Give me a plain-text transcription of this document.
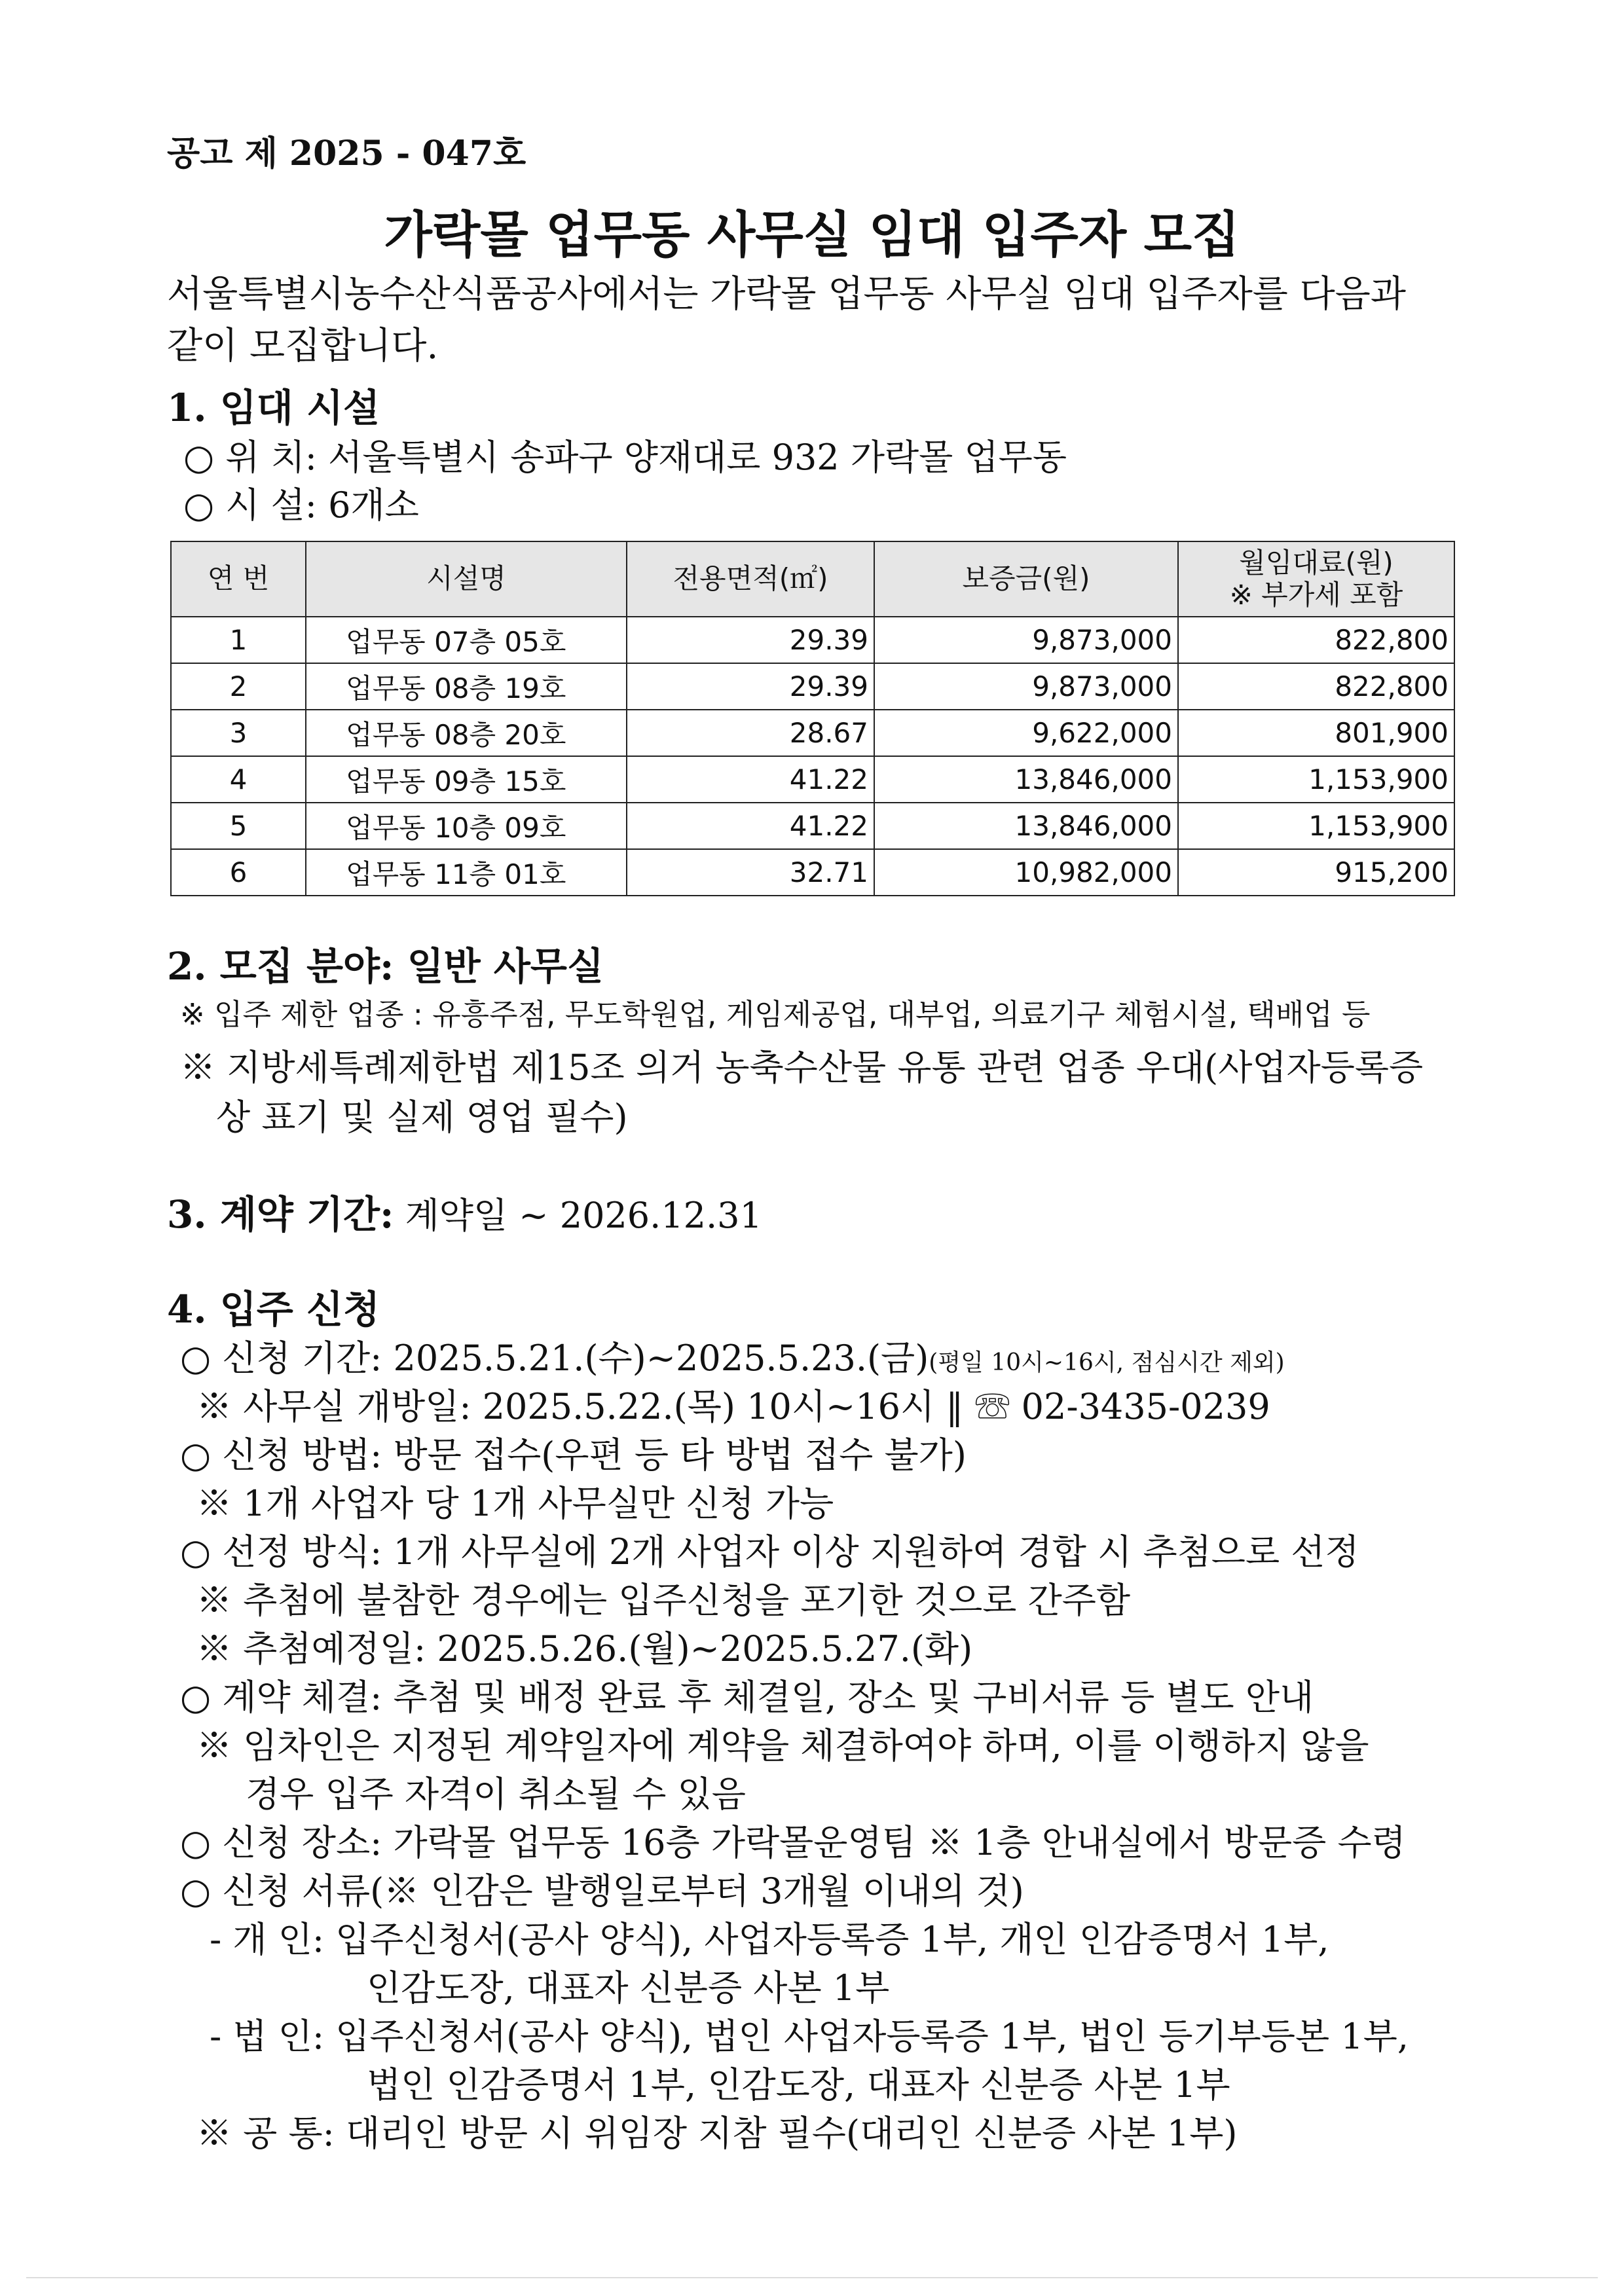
공고 제 2025 - 047호
가락몰 업무동 사무실 임대 입주자 모집
서울특별시농수산식품공사에서는 가락몰 업무동 사무실 임대 입주자를 다음과
같이 모집합니다.
1. 임대 시설
○ 위 치: 서울특별시 송파구 양재대로 932 가락몰 업무동
○ 시 설: 6개소
연 번	시설명	전용면적(㎡)	보증금(원)	월임대료(원)
※ 부가세 포함

1	업무동 07층 05호	29.39	9,873,000	822,800
2	업무동 08층 19호	29.39	9,873,000	822,800
3	업무동 08층 20호	28.67	9,622,000	801,900
4	업무동 09층 15호	41.22	13,846,000	1,153,900
5	업무동 10층 09호	41.22	13,846,000	1,153,900
6	업무동 11층 01호	32.71	10,982,000	915,200
2. 모집 분야: 일반 사무실
※ 입주 제한 업종 : 유흥주점, 무도학원업, 게임제공업, 대부업, 의료기구 체험시설, 택배업 등
※ 지방세특례제한법 제15조 의거 농축수산물 유통 관련 업종 우대(사업자등록증
상 표기 및 실제 영업 필수)
3. 계약 기간: 계약일 ~ 2026.12.31
4. 입주 신청
○ 신청 기간: 2025.5.21.(수)~2025.5.23.(금)(평일 10시~16시, 점심시간 제외)
※ 사무실 개방일: 2025.5.22.(목) 10시~16시 ‖ ☏ 02-3435-0239
○ 신청 방법: 방문 접수(우편 등 타 방법 접수 불가)
※ 1개 사업자 당 1개 사무실만 신청 가능
○ 선정 방식: 1개 사무실에 2개 사업자 이상 지원하여 경합 시 추첨으로 선정
※ 추첨에 불참한 경우에는 입주신청을 포기한 것으로 간주함
※ 추첨예정일: 2025.5.26.(월)~2025.5.27.(화)
○ 계약 체결: 추첨 및 배정 완료 후 체결일, 장소 및 구비서류 등 별도 안내
※ 임차인은 지정된 계약일자에 계약을 체결하여야 하며, 이를 이행하지 않을
경우 입주 자격이 취소될 수 있음
○ 신청 장소: 가락몰 업무동 16층 가락몰운영팀 ※ 1층 안내실에서 방문증 수령
○ 신청 서류(※ 인감은 발행일로부터 3개월 이내의 것)
- 개 인: 입주신청서(공사 양식), 사업자등록증 1부, 개인 인감증명서 1부,
인감도장, 대표자 신분증 사본 1부
- 법 인: 입주신청서(공사 양식), 법인 사업자등록증 1부, 법인 등기부등본 1부,
법인 인감증명서 1부, 인감도장, 대표자 신분증 사본 1부
※ 공 통: 대리인 방문 시 위임장 지참 필수(대리인 신분증 사본 1부)
